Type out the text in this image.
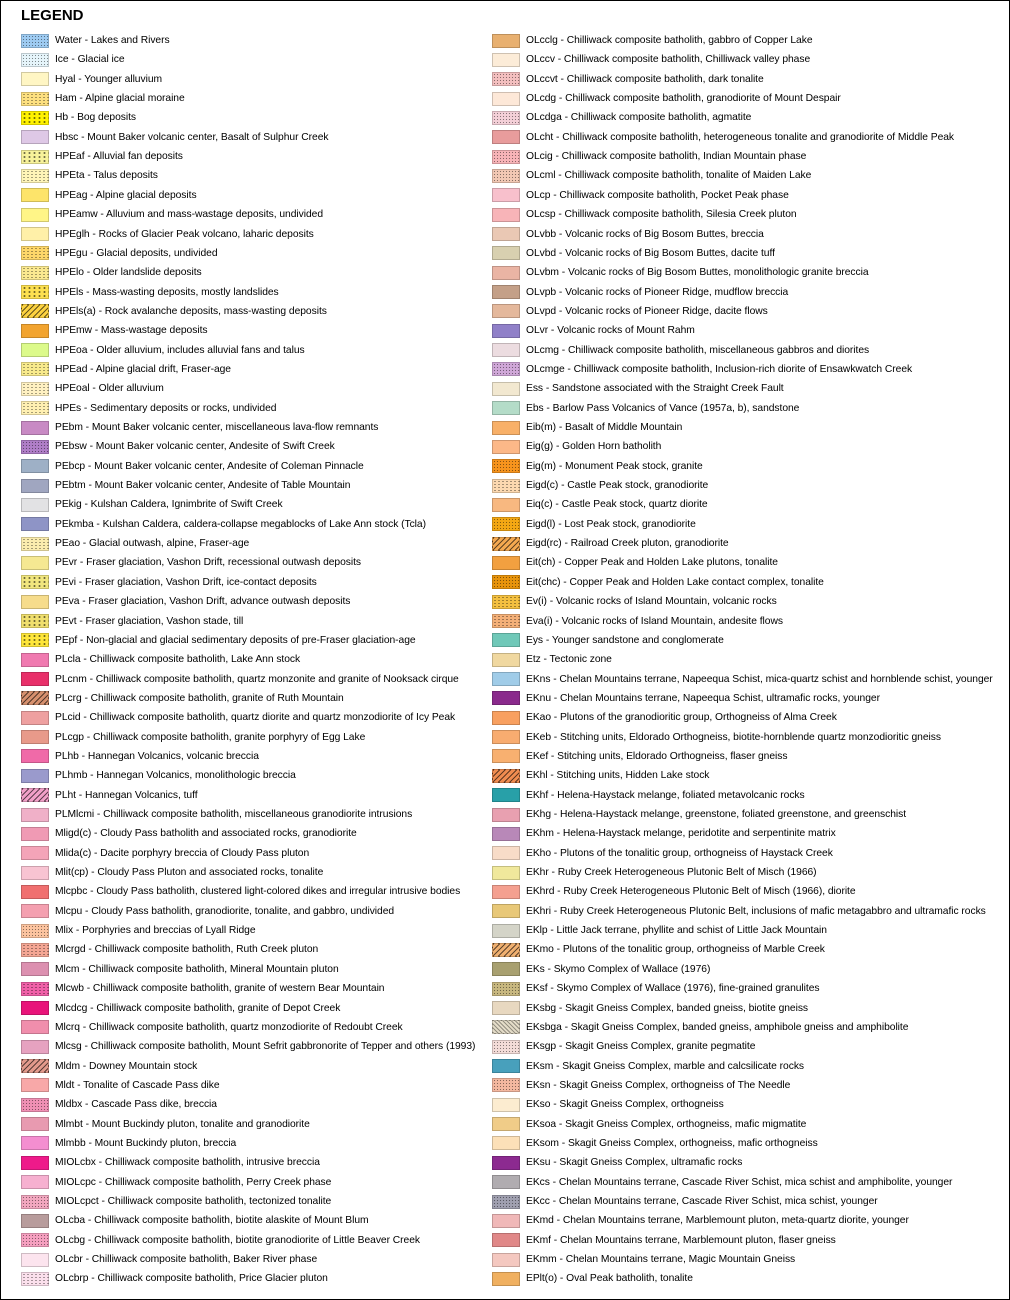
LEGEND
Water - Lakes and Rivers
Ice - Glacial ice
Hyal - Younger alluvium
Ham - Alpine glacial moraine
Hb - Bog deposits
Hbsc - Mount Baker volcanic center, Basalt of Sulphur Creek
HPEaf - Alluvial fan deposits
HPEta - Talus deposits
HPEag - Alpine glacial deposits
HPEamw - Alluvium and mass-wastage deposits, undivided
HPEglh - Rocks of Glacier Peak volcano, laharic deposits
HPEgu - Glacial deposits, undivided
HPElo - Older landslide deposits
HPEls - Mass-wasting deposits, mostly landslides
HPEls(a) - Rock avalanche deposits, mass-wasting deposits
HPEmw - Mass-wastage deposits
HPEoa - Older alluvium, includes alluvial fans and talus
HPEad - Alpine glacial drift, Fraser-age
HPEoal - Older alluvium
HPEs - Sedimentary deposits or rocks, undivided
PEbm - Mount Baker volcanic center, miscellaneous lava-flow remnants
PEbsw - Mount Baker volcanic center, Andesite of Swift Creek
PEbcp - Mount Baker volcanic center, Andesite of Coleman Pinnacle
PEbtm - Mount Baker volcanic center, Andesite of Table Mountain
PEkig - Kulshan Caldera, Ignimbrite of Swift Creek
PEkmba - Kulshan Caldera, caldera-collapse megablocks of Lake Ann stock (Tcla)
PEao - Glacial outwash, alpine, Fraser-age
PEvr - Fraser glaciation, Vashon Drift, recessional outwash deposits
PEvi - Fraser glaciation, Vashon Drift, ice-contact deposits
PEva - Fraser glaciation, Vashon Drift, advance outwash deposits
PEvt - Fraser glaciation, Vashon stade, till
PEpf - Non-glacial and glacial sedimentary deposits of pre-Fraser glaciation-age
PLcla - Chilliwack composite batholith, Lake Ann stock
PLcnm - Chilliwack composite batholith, quartz monzonite and granite of Nooksack cirque
PLcrg - Chilliwack composite batholith, granite of Ruth Mountain
PLcid - Chilliwack composite batholith, quartz diorite and quartz monzodiorite of Icy Peak
PLcgp - Chilliwack composite batholith, granite porphyry of Egg Lake
PLhb - Hannegan Volcanics, volcanic breccia
PLhmb - Hannegan Volcanics, monolithologic breccia
PLht - Hannegan Volcanics, tuff
PLMlcmi - Chilliwack composite batholith, miscellaneous granodiorite intrusions
Mligd(c) - Cloudy Pass batholith and associated rocks, granodiorite
Mlida(c) - Dacite porphyry breccia of Cloudy Pass pluton
Mlit(cp) - Cloudy Pass Pluton and associated rocks, tonalite
Mlcpbc - Cloudy Pass batholith, clustered light-colored dikes and irregular intrusive bodies
Mlcpu - Cloudy Pass batholith, granodiorite, tonalite, and gabbro, undivided
Mlix - Porphyries and breccias of Lyall Ridge
Mlcrgd - Chilliwack composite batholith, Ruth Creek pluton
Mlcm - Chilliwack composite batholith, Mineral Mountain pluton
Mlcwb - Chilliwack composite batholith, granite of western Bear Mountain
Mlcdcg - Chilliwack composite batholith, granite of Depot Creek
Mlcrq - Chilliwack composite batholith, quartz monzodiorite of Redoubt Creek
Mlcsg - Chilliwack composite batholith, Mount Sefrit gabbronorite of Tepper and others (1993)
Mldm - Downey Mountain stock
Mldt - Tonalite of Cascade Pass dike
Mldbx - Cascade Pass dike, breccia
Mlmbt - Mount Buckindy pluton, tonalite and granodiorite
Mlmbb - Mount Buckindy pluton, breccia
MIOLcbx - Chilliwack composite batholith, intrusive breccia
MIOLcpc - Chilliwack composite batholith, Perry Creek phase
MIOLcpct - Chilliwack composite batholith, tectonized tonalite
OLcba - Chilliwack composite batholith, biotite alaskite of Mount Blum
OLcbg - Chilliwack composite batholith, biotite granodiorite of Little Beaver Creek
OLcbr - Chilliwack composite batholith, Baker River phase
OLcbrp - Chilliwack composite batholith, Price Glacier pluton
OLcclg - Chilliwack composite batholith, gabbro of Copper Lake
OLccv - Chilliwack composite batholith, Chilliwack valley phase
OLccvt - Chilliwack composite batholith, dark tonalite
OLcdg - Chilliwack composite batholith, granodiorite of Mount Despair
OLcdga - Chilliwack composite batholith, agmatite
OLcht - Chilliwack composite batholith, heterogeneous tonalite and granodiorite of Middle Peak
OLcig - Chilliwack composite batholith, Indian Mountain phase
OLcml - Chilliwack composite batholith, tonalite of Maiden Lake
OLcp - Chilliwack composite batholith, Pocket Peak phase
OLcsp - Chilliwack composite batholith, Silesia Creek pluton
OLvbb - Volcanic rocks of Big Bosom Buttes, breccia
OLvbd - Volcanic rocks of Big Bosom Buttes, dacite tuff
OLvbm - Volcanic rocks of Big Bosom Buttes, monolithologic granite breccia
OLvpb - Volcanic rocks of Pioneer Ridge, mudflow breccia
OLvpd - Volcanic rocks of Pioneer Ridge, dacite flows
OLvr - Volcanic rocks of Mount Rahm
OLcmg - Chilliwack composite batholith, miscellaneous gabbros and diorites
OLcmge - Chilliwack composite batholith, Inclusion-rich diorite of Ensawkwatch Creek
Ess - Sandstone associated with the Straight Creek Fault
Ebs - Barlow Pass Volcanics of Vance (1957a, b), sandstone
Eib(m) - Basalt of Middle Mountain
Eig(g) - Golden Horn batholith
Eig(m) - Monument Peak stock, granite
Eigd(c) - Castle Peak stock, granodiorite
Eiq(c) - Castle Peak stock, quartz diorite
Eigd(l) - Lost Peak stock, granodiorite
Eigd(rc) - Railroad Creek pluton, granodiorite
Eit(ch) - Copper Peak and Holden Lake plutons, tonalite
Eit(chc) - Copper Peak and Holden Lake contact complex, tonalite
Ev(i) - Volcanic rocks of Island Mountain, volcanic rocks
Eva(i) - Volcanic rocks of Island Mountain, andesite flows
Eys - Younger sandstone and conglomerate
Etz - Tectonic zone
EKns - Chelan Mountains terrane, Napeequa Schist, mica-quartz schist and hornblende schist, younger
EKnu - Chelan Mountains terrane, Napeequa Schist, ultramafic rocks, younger
EKao - Plutons of the granodioritic group, Orthogneiss of Alma Creek
EKeb - Stitching units, Eldorado Orthogneiss, biotite-hornblende quartz monzodioritic gneiss
EKef - Stitching units, Eldorado Orthogneiss, flaser gneiss
EKhl - Stitching units, Hidden Lake stock
EKhf - Helena-Haystack melange, foliated metavolcanic rocks
EKhg - Helena-Haystack melange, greenstone, foliated greenstone, and greenschist
EKhm - Helena-Haystack melange, peridotite and serpentinite matrix
EKho - Plutons of the tonalitic group, orthogneiss of Haystack Creek
EKhr - Ruby Creek Heterogeneous Plutonic Belt of Misch (1966)
EKhrd - Ruby Creek Heterogeneous Plutonic Belt of Misch (1966), diorite
EKhri - Ruby Creek Heterogeneous Plutonic Belt, inclusions of mafic metagabbro and ultramafic rocks
EKlp - Little Jack terrane, phyllite and schist of Little Jack Mountain
EKmo - Plutons of the tonalitic group, orthogneiss of Marble Creek
EKs - Skymo Complex of Wallace (1976)
EKsf - Skymo Complex of Wallace (1976), fine-grained granulites
EKsbg - Skagit Gneiss Complex, banded gneiss, biotite gneiss
EKsbga - Skagit Gneiss Complex, banded gneiss, amphibole gneiss and amphibolite
EKsgp - Skagit Gneiss Complex, granite pegmatite
EKsm - Skagit Gneiss Complex, marble and calcsilicate rocks
EKsn - Skagit Gneiss Complex, orthogneiss of The Needle
EKso - Skagit Gneiss Complex, orthogneiss
EKsoa - Skagit Gneiss Complex, orthogneiss, mafic migmatite
EKsom - Skagit Gneiss Complex, orthogneiss, mafic orthogneiss
EKsu - Skagit Gneiss Complex, ultramafic rocks
EKcs - Chelan Mountains terrane, Cascade River Schist, mica schist and amphibolite, younger
EKcc - Chelan Mountains terrane, Cascade River Schist, mica schist, younger
EKmd - Chelan Mountains terrane, Marblemount pluton, meta-quartz diorite, younger
EKmf - Chelan Mountains terrane, Marblemount pluton, flaser gneiss
EKmm - Chelan Mountains terrane, Magic Mountain Gneiss
EPlt(o) - Oval Peak batholith, tonalite
